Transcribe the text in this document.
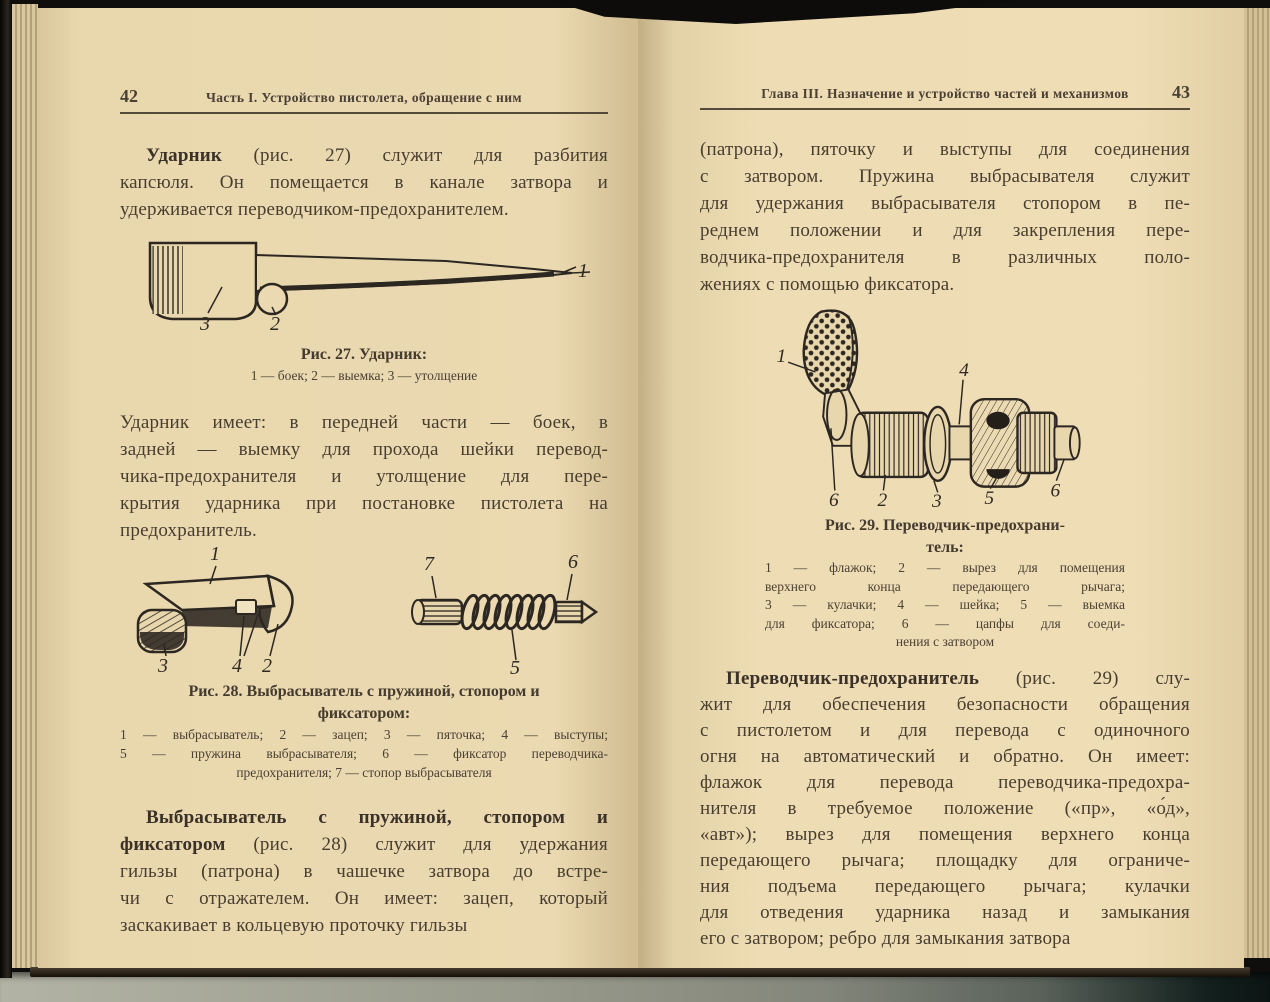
42	Часть I. Устройство пистолета, обращение с ним
Ударник (рис. 27) служит для разбития
капсюля. Он помещается в канале затвора и
удерживается переводчиком-предохранителем.
1
2
3
Рис. 27. Ударник:
1 — боек; 2 — выемка; 3 — утолщение
Ударник имеет: в передней части — боек, в
задней — выемку для прохода шейки перевод-
чика-предохранителя и утолщение для пере-
крытия ударника при постановке пистолета на
предохранитель.
1
3	4 2
7	6
5
Рис. 28. Выбрасыватель с пружиной, стопором и
фиксатором:
1 — выбрасыватель; 2 — зацеп; 3 — пяточка; 4 — выступы;
5 — пружина выбрасывателя; 6 — фиксатор переводчика-
предохранителя; 7 — стопор выбрасывателя
Выбрасыватель с пружиной, стопором и
фиксатором (рис. 28) служит для удержания
гильзы (патрона) в чашечке затвора до встре-
чи с отражателем. Он имеет: зацеп, который
заскакивает в кольцевую проточку гильзы
Глава III. Назначение и устройство частей и механизмов	43
(патрона), пяточку и выступы для соединения
с затвором. Пружина выбрасывателя служит
для удержания выбрасывателя стопором в пе-
реднем положении и для закрепления пере-
водчика-предохранителя в различных поло-
жениях с помощью фиксатора.
1
4
6 2 3 5	6
Рис. 29. Переводчик-предохрани-
тель:
1 — флажок; 2 — вырез для помещения
верхнего конца передающего рычага;
3 — кулачки; 4 — шейка; 5 — выемка
для фиксатора; 6 — цапфы для соеди-
нения с затвором
Переводчик-предохранитель (рис. 29) слу-
жит для обеспечения безопасности обращения
с пистолетом и для перевода с одиночного
огня на автоматический и обратно. Он имеет:
флажок для перевода переводчика-предохра-
нителя в требуемое положение («пр», «о́д»,
«авт»); вырез для помещения верхнего конца
передающего рычага; площадку для ограниче-
ния подъема передающего рычага; кулачки
для отведения ударника назад и замыкания
его с затвором; ребро для замыкания затвора
